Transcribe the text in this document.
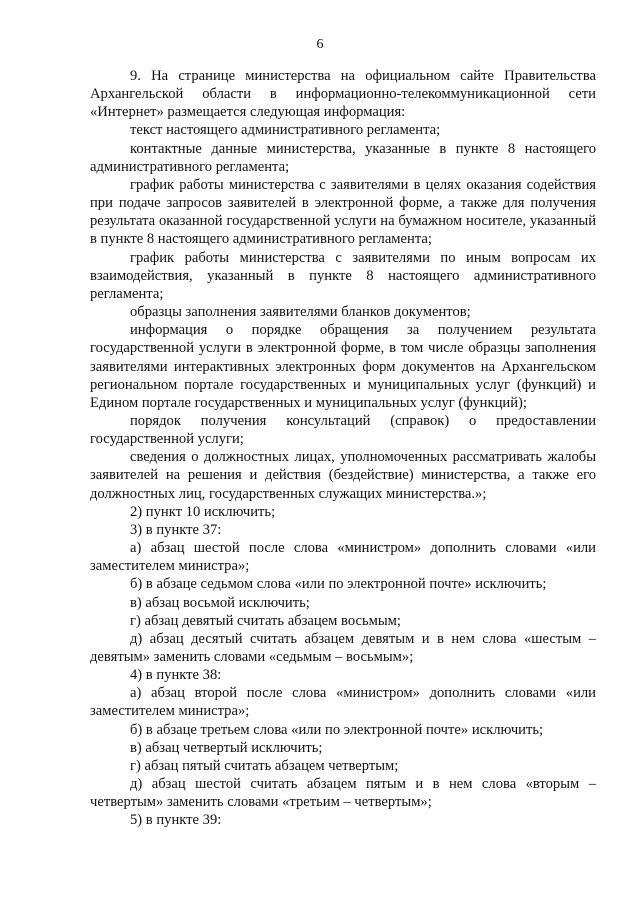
6

9. На странице министерства на официальном сайте Правительства Архангельской области в информационно-телекоммуникационной сети «Интернет» размещается следующая информация:

текст настоящего административного регламента;

контактные данные министерства, указанные в пункте 8 настоящего административного регламента;

график работы министерства с заявителями в целях оказания содействия при подаче запросов заявителей в электронной форме, а также для получения результата оказанной государственной услуги на бумажном носителе, указанный в пункте 8 настоящего административного регламента;

график работы министерства с заявителями по иным вопросам их взаимодействия, указанный в пункте 8 настоящего административного регламента;

образцы заполнения заявителями бланков документов;

информация о порядке обращения за получением результата государственной услуги в электронной форме, в том числе образцы заполнения заявителями интерактивных электронных форм документов на Архангельском региональном портале государственных и муниципальных услуг (функций) и Едином портале государственных и муниципальных услуг (функций);

порядок получения консультаций (справок) о предоставлении государственной услуги;

сведения о должностных лицах, уполномоченных рассматривать жалобы заявителей на решения и действия (бездействие) министерства, а также его должностных лиц, государственных служащих министерства.»;

2) пункт 10 исключить;

3) в пункте 37:

а) абзац шестой после слова «министром» дополнить словами «или заместителем министра»;

б) в абзаце седьмом слова «или по электронной почте» исключить;

в) абзац восьмой исключить;

г) абзац девятый считать абзацем восьмым;

д) абзац десятый считать абзацем девятым и в нем слова «шестым – девятым» заменить словами «седьмым – восьмым»;

4) в пункте 38:

а) абзац второй после слова «министром» дополнить словами «или заместителем министра»;

б) в абзаце третьем слова «или по электронной почте» исключить;

в) абзац четвертый исключить;

г) абзац пятый считать абзацем четвертым;

д) абзац шестой считать абзацем пятым и в нем слова «вторым – четвертым» заменить словами «третьим – четвертым»;

5) в пункте 39:
